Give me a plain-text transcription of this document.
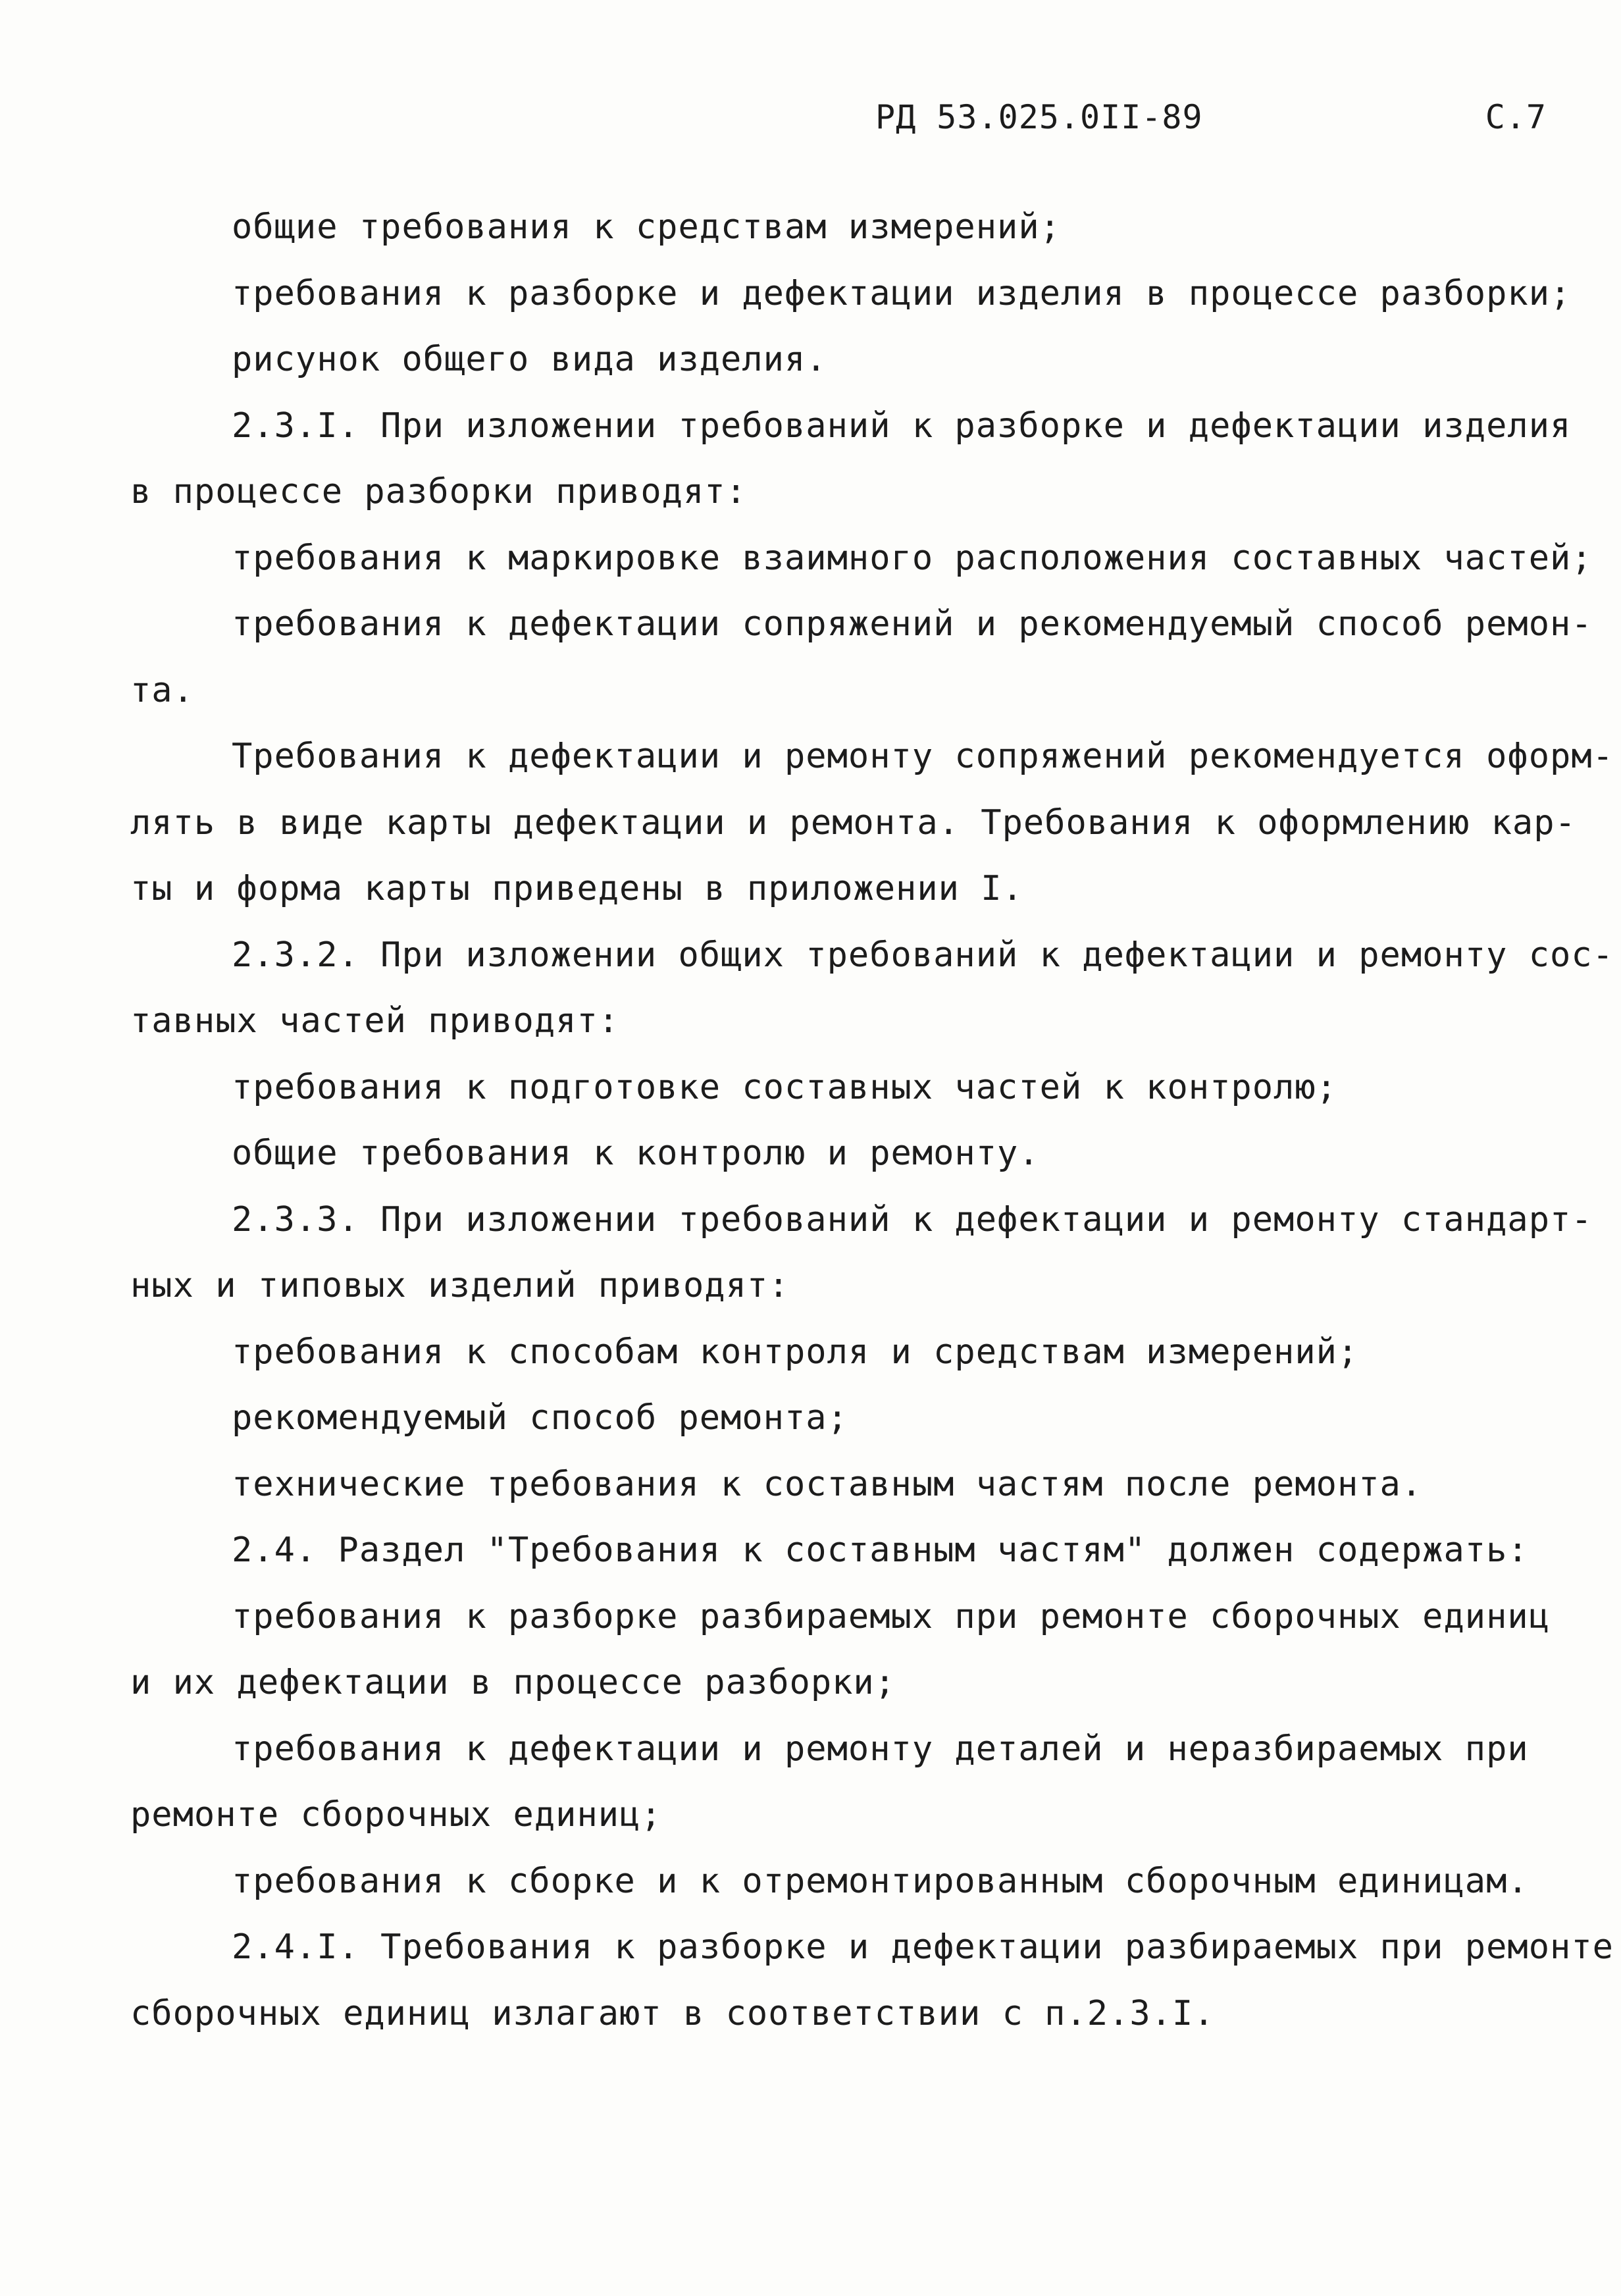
РД 53.025.0II-89	С.7
общие требования к средствам измерений;
требования к разборке и дефектации изделия в процессе разборки;
рисунок общего вида изделия.
2.3.I. При изложении требований к разборке и дефектации изделия
в процессе разборки приводят:
требования к маркировке взаимного расположения составных частей;
требования к дефектации сопряжений и рекомендуемый способ ремон-
та.
Требования к дефектации и ремонту сопряжений рекомендуется оформ-
лять в виде карты дефектации и ремонта. Требования к оформлению кар-
ты и форма карты приведены в приложении I.
2.3.2. При изложении общих требований к дефектации и ремонту сос-
тавных частей приводят:
требования к подготовке составных частей к контролю;
общие требования к контролю и ремонту.
2.3.3. При изложении требований к дефектации и ремонту стандарт-
ных и типовых изделий приводят:
требования к способам контроля и средствам измерений;
рекомендуемый способ ремонта;
технические требования к составным частям после ремонта.
2.4. Раздел "Требования к составным частям" должен содержать:
требования к разборке разбираемых при ремонте сборочных единиц
и их дефектации в процессе разборки;
требования к дефектации и ремонту деталей и неразбираемых при
ремонте сборочных единиц;
требования к сборке и к отремонтированным сборочным единицам.
2.4.I. Требования к разборке и дефектации разбираемых при ремонте
сборочных единиц излагают в соответствии с п.2.3.I.
